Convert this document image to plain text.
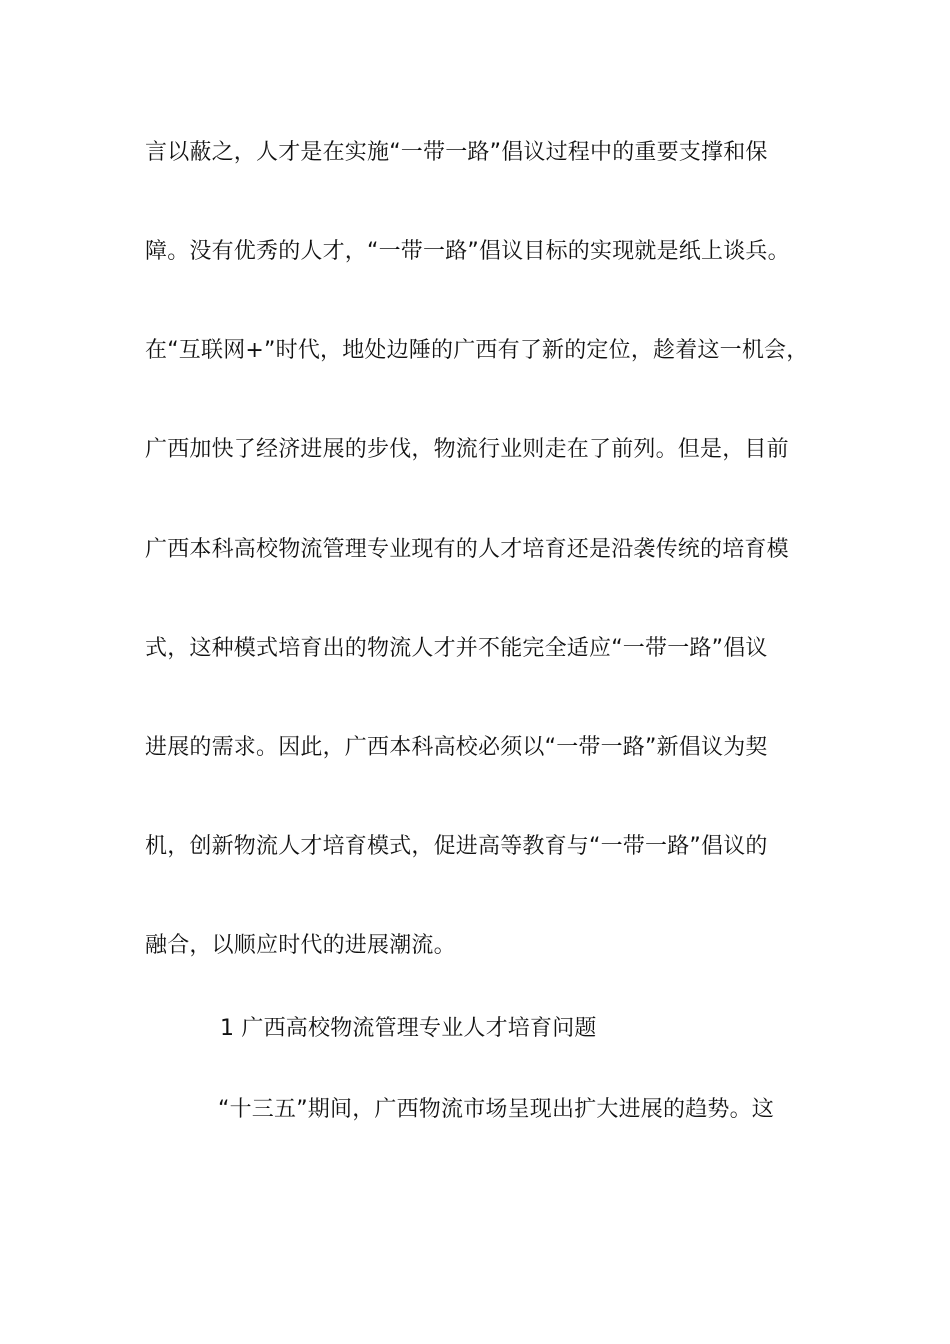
言以蔽之，人才是在实施“一带一路”倡议过程中的重要支撑和保
障。没有优秀的人才，“一带一路”倡议目标的实现就是纸上谈兵。
在“互联网+”时代，地处边陲的广西有了新的定位，趁着这一机会，
广西加快了经济进展的步伐，物流行业则走在了前列。但是，目前
广西本科高校物流管理专业现有的人才培育还是沿袭传统的培育模
式，这种模式培育出的物流人才并不能完全适应“一带一路”倡议
进展的需求。因此，广西本科高校必须以“一带一路”新倡议为契
机，创新物流人才培育模式，促进高等教育与“一带一路”倡议的
融合，以顺应时代的进展潮流。
1 广西高校物流管理专业人才培育问题
“十三五”期间，广西物流市场呈现出扩大进展的趋势。这
